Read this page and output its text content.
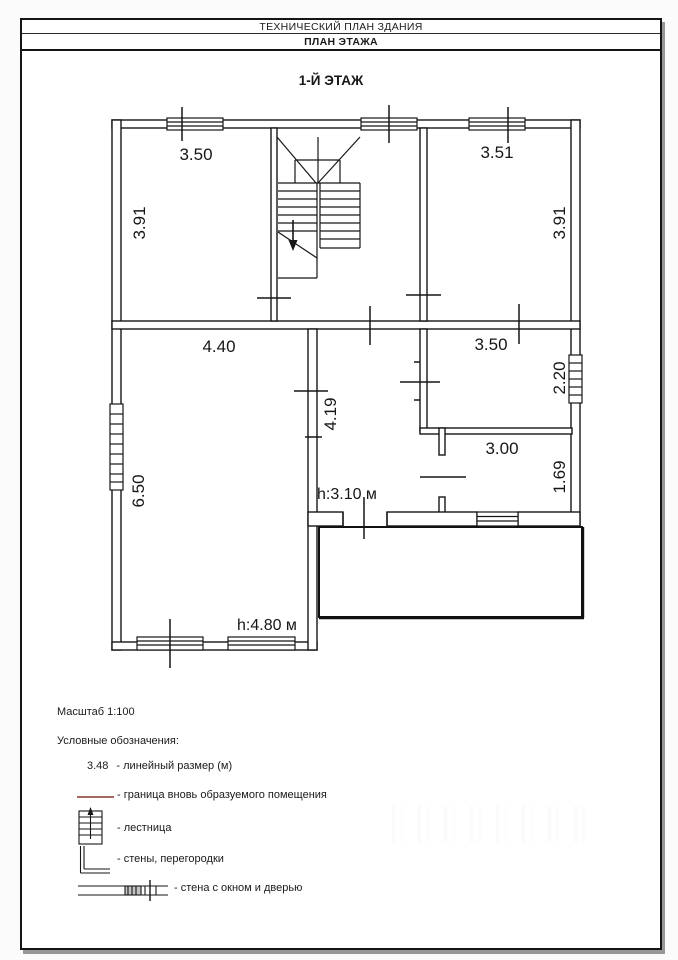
ТЕХНИЧЕСКИЙ ПЛАН ЗДАНИЯ
ПЛАН ЭТАЖА
1-Й ЭТАЖ
3.50
3.91
3.51
3.91
4.40	3.50
2.20
4.19
6.50	h:3.10 м
3.00
1.69
h:4.80 м
Масштаб 1:100
Условные обозначения:
3.48 - линейный размер (м)
- граница вновь образуемого помещения
- лестница
- стены, перегородки
- стена с окном и дверью
